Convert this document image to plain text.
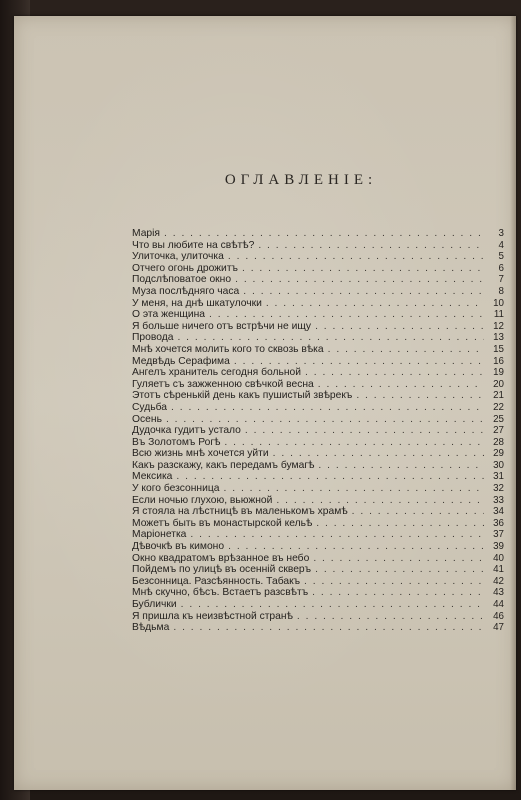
ОГЛАВЛЕНІЕ:
Марія . . .	3
Что вы любите на свѣтѣ? . . .	4
Улиточка, улиточка . . .	5
Отчего огонь дрожитъ . . .	6
Подслѣповатое окно . . .	7
Муза послѣдняго часа . . .	8
У меня, на днѣ шкатулочки . . .	10
О эта женщина . . .	11
Я больше ничего отъ встрѣчи не ищу . . .	12
Провода . . .	13
Мнѣ хочется молить кого то сквозь вѣка . . .	15
Медвѣдь Серафима . . .	16
Ангелъ хранитель сегодня больной . . .	19
Гуляетъ съ зажженною свѣчкой весна . . .	20
Этотъ сѣренькій день какъ пушистый звѣрекъ . . .	21
Судьба . . .	22
Осень . . .	25
Дудочка гудитъ устало . . .	27
Въ Золотомъ Рогѣ . . .	28
Всю жизнь мнѣ хочется уйти . . .	29
Какъ разскажу, какъ передамъ бумагѣ . . .	30
Мексика . . .	31
У кого безсонница . . .	32
Если ночью глухою, вьюжной . . .	33
Я стояла на лѣстницѣ въ маленькомъ храмѣ . . .	34
Можетъ быть въ монастырской кельѣ . . .	36
Маріонетка . . .	37
Дѣвочкѣ въ кимоно . . .	39
Окно квадратомъ врѣзанное въ небо . . .	40
Пойдемъ по улицѣ въ осенній скверъ . . .	41
Безсонница. Разсѣянность. Табакъ . . .	42
Мнѣ скучно, бѣсъ. Встаетъ разсвѣтъ . . .	43
Бублички . . .	44
Я пришла къ неизвѣстной странѣ . . .	46
Вѣдьма . . .	47
